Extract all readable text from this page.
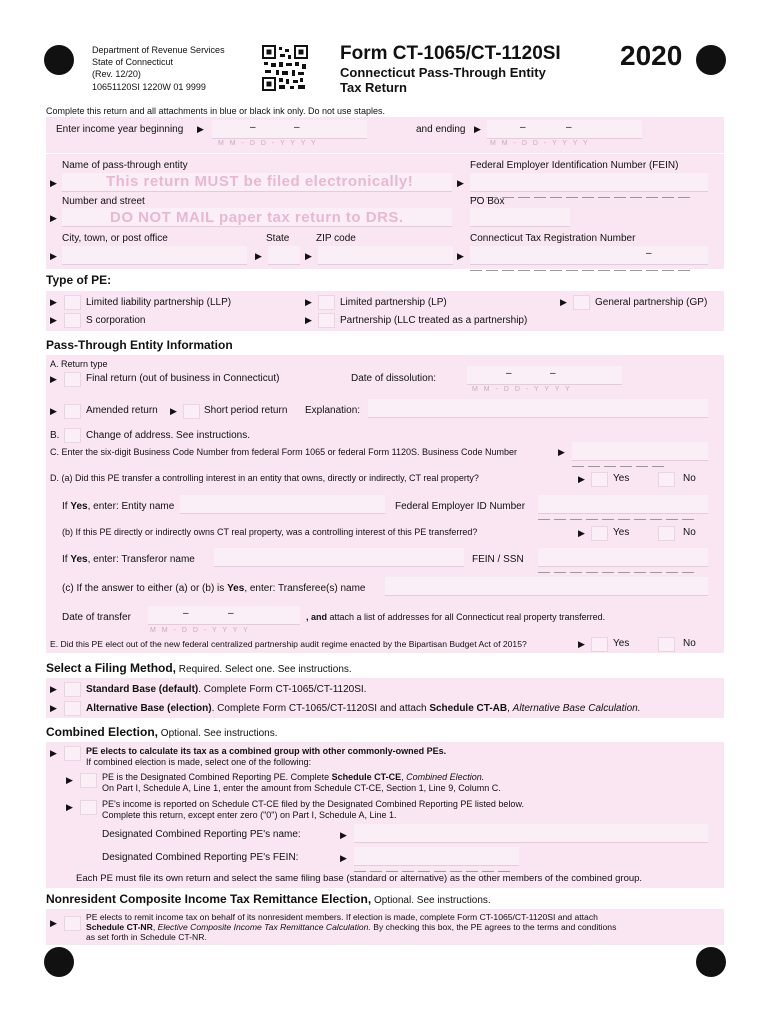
Department of Revenue Services
State of Connecticut
(Rev. 12/20)
10651120SI 1220W 01 9999
Form CT-1065/CT-1120SI
Connecticut Pass-Through Entity
Tax Return
2020
Complete this return and all attachments in blue or black ink only. Do not use staples.
Enter income year beginning ▶	–	–
M M - D D - Y Y Y Y
and ending ▶	–	–
M M - D D - Y Y Y Y
Name of pass-through entity	Federal Employer Identification Number (FEIN)
▶	This return MUST be filed electronically!	▶
Number and street	PO Box
▶	DO NOT MAIL paper tax return to DRS.
City, town, or post office	State	ZIP code	Connecticut Tax Registration Number
▶	▶	▶	▶	–
Type of PE:
▶	Limited liability partnership (LLP)	▶	Limited partnership (LP)	▶	General partnership (GP)
▶	S corporation	▶	Partnership (LLC treated as a partnership)
Pass-Through Entity Information
A. Return type
▶	Final return (out of business in Connecticut)	Date of dissolution:	–	–
M M - D D - Y Y Y Y
▶	Amended return ▶	Short period return Explanation:
B.	Change of address. See instructions.
C. Enter the six-digit Business Code Number from federal Form 1065 or federal Form 1120S. Business Code Number	▶
D. (a) Did this PE transfer a controlling interest in an entity that owns, directly or indirectly, CT real property?	▶	Yes	No
If Yes, enter: Entity name	Federal Employer ID Number
(b) If this PE directly or indirectly owns CT real property, was a controlling interest of this PE transferred?	▶	Yes	No
If Yes, enter: Transferor name	FEIN / SSN
(c) If the answer to either (a) or (b) is Yes, enter: Transferee(s) name
Date of transfer	–	–
M M - D D - Y Y Y Y
, and attach a list of addresses for all Connecticut real property transferred.
E. Did this PE elect out of the new federal centralized partnership audit regime enacted by the Bipartisan Budget Act of 2015?	▶	Yes	No
Select a Filing Method, Required. Select one. See instructions.
▶	Standard Base (default). Complete Form CT-1065/CT-1120SI.
▶	Alternative Base (election). Complete Form CT-1065/CT-1120SI and attach Schedule CT-AB, Alternative Base Calculation.
Combined Election, Optional. See instructions.
▶	PE elects to calculate its tax as a combined group with other commonly-owned PEs.
If combined election is made, select one of the following:
▶	PE is the Designated Combined Reporting PE. Complete Schedule CT-CE, Combined Election.
On Part I, Schedule A, Line 1, enter the amount from Schedule CT-CE, Section 1, Line 9, Column C.
▶	PE's income is reported on Schedule CT-CE filed by the Designated Combined Reporting PE listed below.
Complete this return, except enter zero ("0") on Part I, Schedule A, Line 1.
Designated Combined Reporting PE's name:	▶
Designated Combined Reporting PE's FEIN:	▶
Each PE must file its own return and select the same filing base (standard or alternative) as the other members of the combined group.
Nonresident Composite Income Tax Remittance Election, Optional. See instructions.
▶
PE elects to remit income tax on behalf of its nonresident members. If election is made, complete Form CT-1065/CT-1120SI and attach
Schedule CT-NR, Elective Composite Income Tax Remittance Calculation. By checking this box, the PE agrees to the terms and conditions
as set forth in Schedule CT-NR.
